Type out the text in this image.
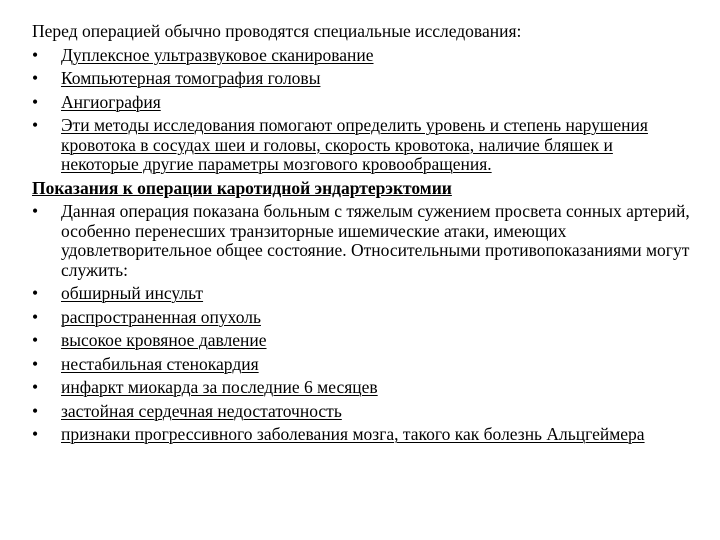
Перед операцией обычно проводятся специальные исследования:
• Дуплексное ультразвуковое сканирование
• Компьютерная томография головы
• Ангиография
• Эти методы исследования помогают определить уровень и степень нарушения кровотока в сосудах шеи и головы, скорость кровотока, наличие бляшек и некоторые другие параметры мозгового кровообращения.
Показания к операции каротидной эндартерэктомии
• Данная операция показана больным с тяжелым сужением просвета сонных артерий, особенно перенесших транзиторные ишемические атаки, имеющих удовлетворительное общее состояние. Относительными противопоказаниями могут служить:
• обширный инсульт
• распространенная опухоль
• высокое кровяное давление
• нестабильная стенокардия
• инфаркт миокарда за последние 6 месяцев
• застойная сердечная недостаточность
• признаки прогрессивного заболевания мозга, такого как болезнь Альцгеймера
